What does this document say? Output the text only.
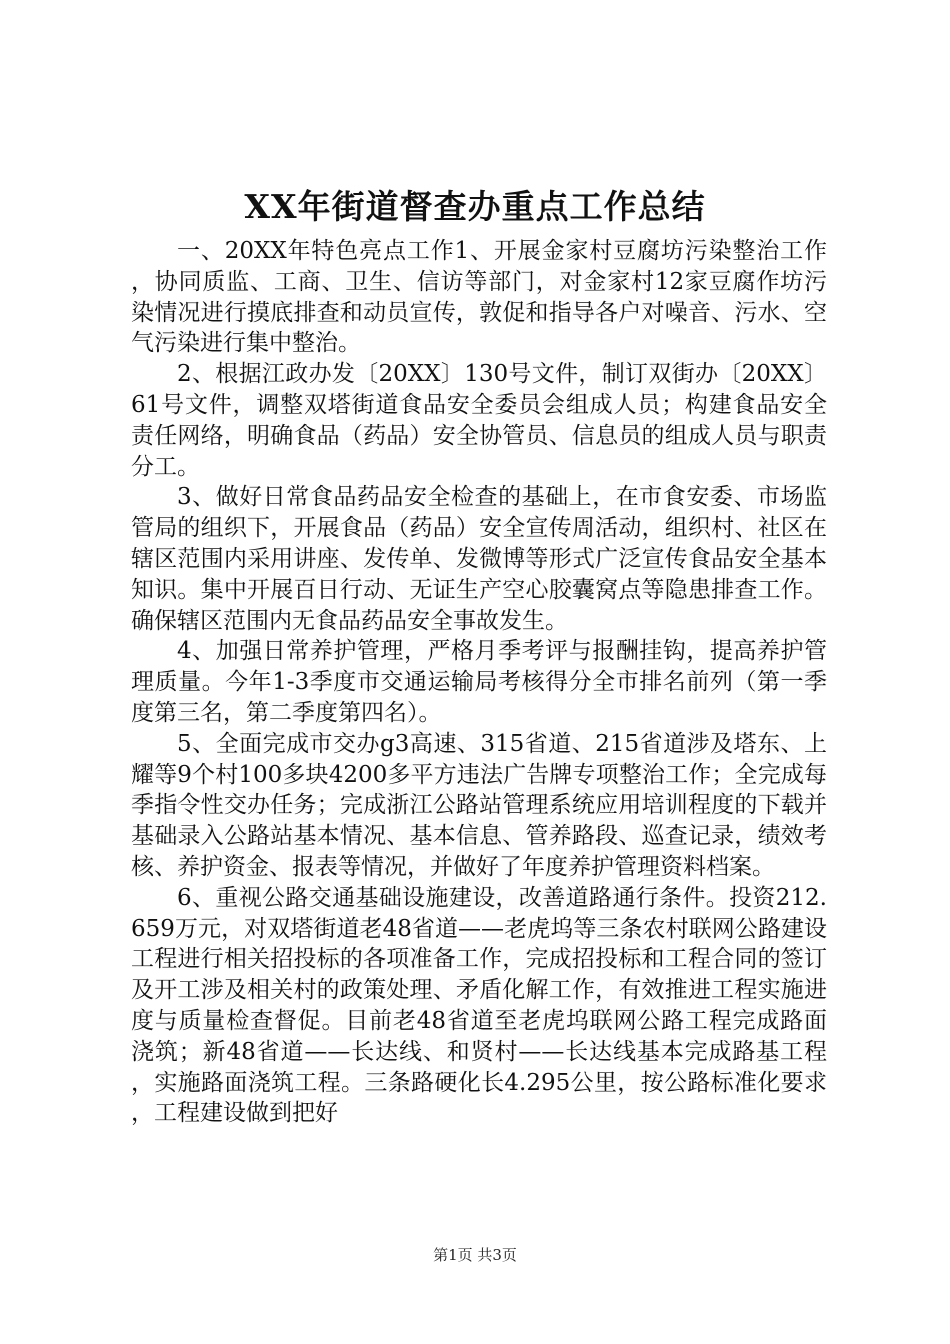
XX年街道督查办重点工作总结

一、20XX年特色亮点工作1、开展金家村豆腐坊污染整治工作，协同质监、工商、卫生、信访等部门，对金家村12家豆腐作坊污染情况进行摸底排查和动员宣传，敦促和指导各户对噪音、污水、空气污染进行集中整治。

2、根据江政办发〔20XX〕130号文件，制订双街办〔20XX〕61号文件，调整双塔街道食品安全委员会组成人员；构建食品安全责任网络，明确食品（药品）安全协管员、信息员的组成人员与职责分工。

3、做好日常食品药品安全检查的基础上，在市食安委、市场监管局的组织下，开展食品（药品）安全宣传周活动，组织村、社区在辖区范围内采用讲座、发传单、发微博等形式广泛宣传食品安全基本知识。集中开展百日行动、无证生产空心胶囊窝点等隐患排查工作。确保辖区范围内无食品药品安全事故发生。

4、加强日常养护管理，严格月季考评与报酬挂钩，提高养护管理质量。今年1-3季度市交通运输局考核得分全市排名前列（第一季度第三名，第二季度第四名）。

5、全面完成市交办g3高速、315省道、215省道涉及塔东、上耀等9个村100多块4200多平方违法广告牌专项整治工作；全完成每季指令性交办任务；完成浙江公路站管理系统应用培训程度的下载并基础录入公路站基本情况、基本信息、管养路段、巡查记录，绩效考核、养护资金、报表等情况，并做好了年度养护管理资料档案。

6、重视公路交通基础设施建设，改善道路通行条件。投资212.659万元，对双塔街道老48省道——老虎坞等三条农村联网公路建设工程进行相关招投标的各项准备工作，完成招投标和工程合同的签订及开工涉及相关村的政策处理、矛盾化解工作，有效推进工程实施进度与质量检查督促。目前老48省道至老虎坞联网公路工程完成路面浇筑；新48省道——长达线、和贤村——长达线基本完成路基工程，实施路面浇筑工程。三条路硬化长4.295公里，按公路标准化要求，工程建设做到把好

第1页 共3页
